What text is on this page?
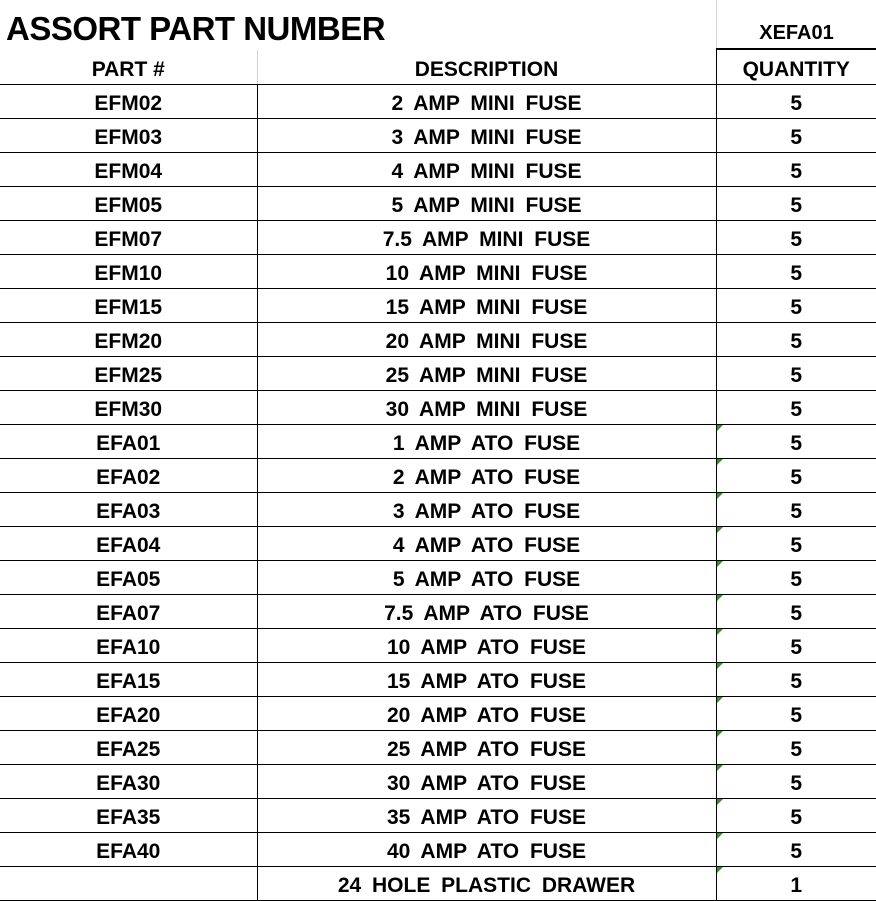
ASSORT PART NUMBER	XEFA01
PART #	DESCRIPTION	QUANTITY
EFM02	2 AMP MINI FUSE	5
EFM03	3 AMP MINI FUSE	5
EFM04	4 AMP MINI FUSE	5
EFM05	5 AMP MINI FUSE	5
EFM07	7.5 AMP MINI FUSE	5
EFM10	10 AMP MINI FUSE	5
EFM15	15 AMP MINI FUSE	5
EFM20	20 AMP MINI FUSE	5
EFM25	25 AMP MINI FUSE	5
EFM30	30 AMP MINI FUSE	5
EFA01	1 AMP ATO FUSE	5

EFA02	2 AMP ATO FUSE	5

EFA03	3 AMP ATO FUSE	5

EFA04	4 AMP ATO FUSE	5

EFA05	5 AMP ATO FUSE	5

EFA07	7.5 AMP ATO FUSE	5

EFA10	10 AMP ATO FUSE	5

EFA15	15 AMP ATO FUSE	5

EFA20	20 AMP ATO FUSE	5

EFA25	25 AMP ATO FUSE	5

EFA30	30 AMP ATO FUSE	5

EFA35	35 AMP ATO FUSE	5

EFA40	40 AMP ATO FUSE	5

	24 HOLE PLASTIC DRAWER	1
